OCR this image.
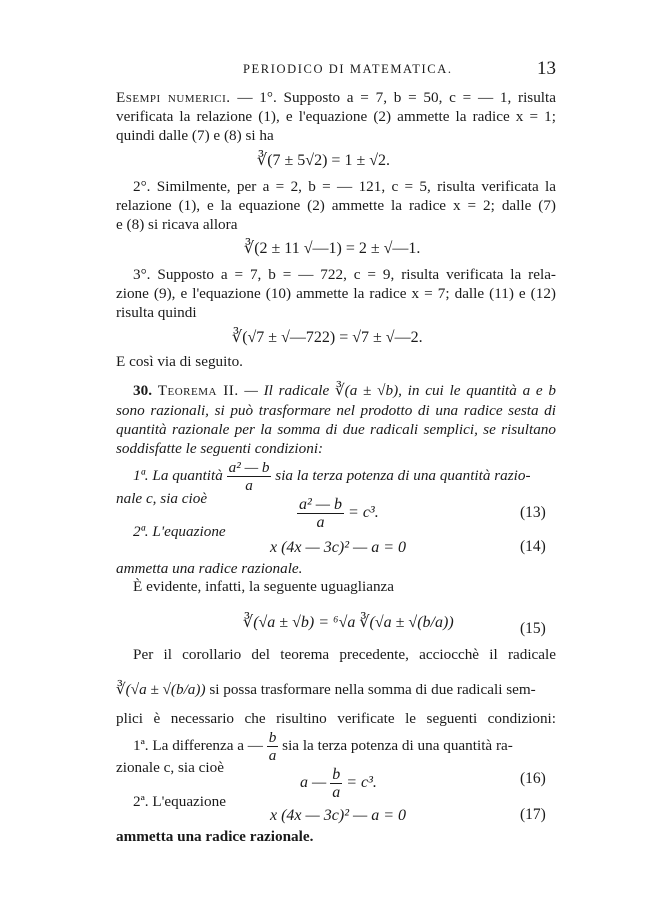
PERIODICO DI MATEMATICA.	13
Esempi numerici. — 1°. Supposto a = 7, b = 50, c = — 1, risulta
verificata la relazione (1), e l'equazione (2) ammette la radice x = 1;
quindi dalle (7) e (8) si ha
∛(7 ± 5√2) = 1 ± √2.
2°. Similmente, per a = 2, b = — 121, c = 5, risulta verificata la
relazione (1), e la equazione (2) ammette la radice x = 2; dalle (7)
e (8) si ricava allora
∛(2 ± 11 √—1) = 2 ± √—1.
3°. Supposto a = 7, b = — 722, c = 9, risulta verificata la rela-
zione (9), e l'equazione (10) ammette la radice x = 7; dalle (11) e (12)
risulta quindi
∛(√7 ± √—722) = √7 ± √—2.
E così via di seguito.
30. Teorema II. — Il radicale ∛(a ± √b), in cui le quantità a e b
sono razionali, si può trasformare nel prodotto di una radice sesta di
quantità razionale per la somma di due radicali semplici, se risultano
soddisfatte le seguenti condizioni:
1ª. La quantità $\frac{\text{a² — b}}{a}$ sia la terza potenza di una quantità razio-
nale c, sia cioè	$\frac{\text{a² — b}}{a} = c^3$.	(13)
2ª. L'equazione
x (4x — 3c)² — a = 0	(14)
ammetta una radice razionale.
È evidente, infatti, la seguente uguaglianza
∛(√a ± √b) = ⁶√a ∛(√a ± √(b/a))	(15)
Per il corollario del teorema precedente, acciocchè il radicale
∛(√a ± √(b/a)) si possa trasformare nella somma di due radicali sem-
plici è necessario che risultino verificate le seguenti condizioni:
1ª. La differenza a — $\frac{b}{a}$ sia la terza potenza di una quantità ra-
zionale c, sia cioè
a — $\frac{b}{a} = c^3$.	(16)
2ª. L'equazione
x (4x — 3c)² — a = 0	(17)
ammetta una radice razionale.
